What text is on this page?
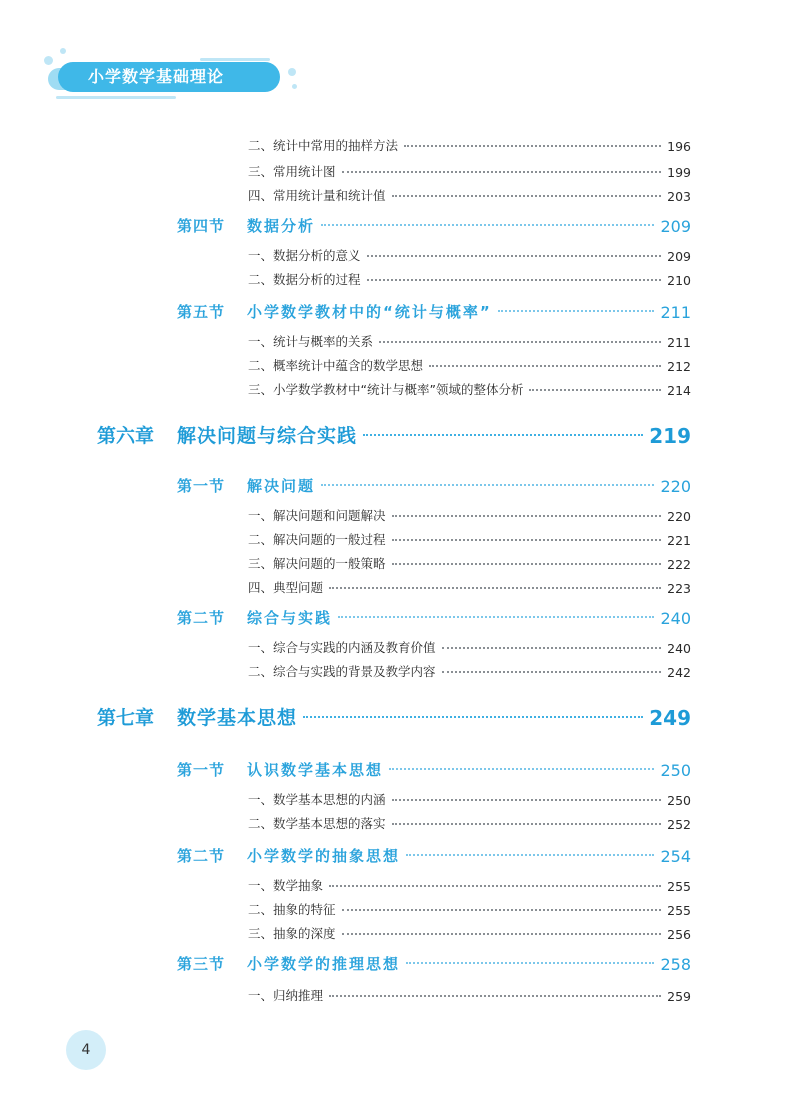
小学数学基础理论
二、统计中常用的抽样方法	196
三、常用统计图	199
四、常用统计量和统计值	203
第四节	数据分析	209
一、数据分析的意义	209
二、数据分析的过程	210
第五节	小学数学教材中的“统计与概率”	211
一、统计与概率的关系	211
二、概率统计中蕴含的数学思想	212
三、小学数学教材中“统计与概率”领域的整体分析	214
第六章	解决问题与综合实践	219
第一节	解决问题	220
一、解决问题和问题解决	220
二、解决问题的一般过程	221
三、解决问题的一般策略	222
四、典型问题	223
第二节	综合与实践	240
一、综合与实践的内涵及教育价值	240
二、综合与实践的背景及教学内容	242
第七章	数学基本思想	249
第一节	认识数学基本思想	250
一、数学基本思想的内涵	250
二、数学基本思想的落实	252
第二节	小学数学的抽象思想	254
一、数学抽象	255
二、抽象的特征	255
三、抽象的深度	256
第三节	小学数学的推理思想	258
一、归纳推理	259
4
